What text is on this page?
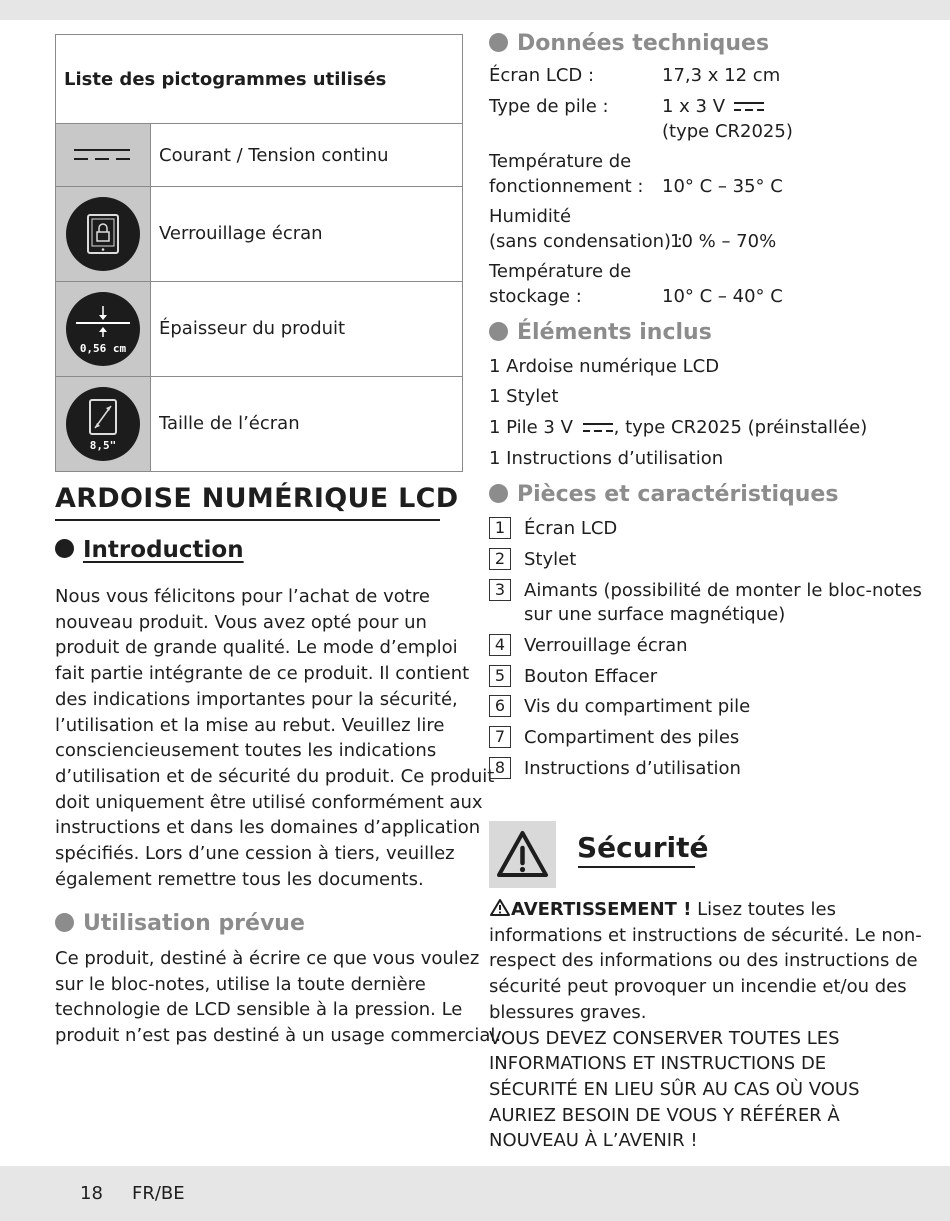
Liste des pictogrammes utilisés
Courant / Tension continu
Verrouillage écran
0,56 cm
Épaisseur du produit
8,5"
Taille de l’écran
ARDOISE NUMÉRIQUE LCD
Introduction
Nous vous félicitons pour l’achat de votre
nouveau produit. Vous avez opté pour un
produit de grande qualité. Le mode d’emploi
fait partie intégrante de ce produit. Il contient
des indications importantes pour la sécurité,
l’utilisation et la mise au rebut. Veuillez lire
consciencieusement toutes les indications
d’utilisation et de sécurité du produit. Ce produit
doit uniquement être utilisé conformément aux
instructions et dans les domaines d’application
spécifiés. Lors d’une cession à tiers, veuillez
également remettre tous les documents.
Utilisation prévue
Ce produit, destiné à écrire ce que vous voulez
sur le bloc-notes, utilise la toute dernière
technologie de LCD sensible à la pression. Le
produit n’est pas destiné à un usage commercial.
Données techniques
Écran LCD :	17,3 x 12 cm
Type de pile :	1 x 3 V
(type CR2025)
Température de
fonctionnement : 10° C – 35° C
Humidité
(sans condensation) :
10 % – 70%
Température de
stockage :	10° C – 40° C
Éléments inclus
1 Ardoise numérique LCD
1 Stylet
1 Pile 3 V , type CR2025 (préinstallée)
1 Instructions d’utilisation
Pièces et caractéristiques
1	Écran LCD
2	Stylet
3	Aimants (possibilité de monter le bloc-notes
sur une surface magnétique)
4	Verrouillage écran
5	Bouton Effacer
6	Vis du compartiment pile
7	Compartiment des piles
8	Instructions d’utilisation
Sécurité
AVERTISSEMENT ! Lisez toutes les
informations et instructions de sécurité. Le non-
respect des informations ou des instructions de
sécurité peut provoquer un incendie et/ou des
blessures graves.
VOUS DEVEZ CONSERVER TOUTES LES
INFORMATIONS ET INSTRUCTIONS DE
SÉCURITÉ EN LIEU SÛR AU CAS OÙ VOUS
AURIEZ BESOIN DE VOUS Y RÉFÉRER À
NOUVEAU À L’AVENIR !
18 FR/BE
